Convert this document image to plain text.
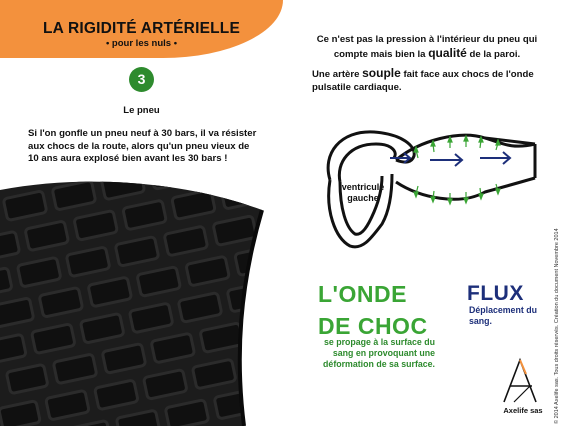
LA RIGIDITÉ ARTÉRIELLE
• pour les nuls •
3
Le pneu
Si l'on gonfle un pneu neuf à 30 bars, il va résister aux chocs de la route, alors qu'un pneu vieux de 10 ans aura explosé bien avant les 30 bars !
Ce n'est pas la pression à l'intérieur du pneu qui compte mais bien la qualité de la paroi.
Une artère souple fait face aux chocs de l'onde pulsatile cardiaque.
ventricule
gauche
L'ONDE
DE CHOC
se propage à la surface du sang en provoquant une déformation de sa surface.
FLUX
Déplacement du sang.
Axelife sas	© 2014 Axelife sas. Tous droits réservés. Création du document Novembre 2014
